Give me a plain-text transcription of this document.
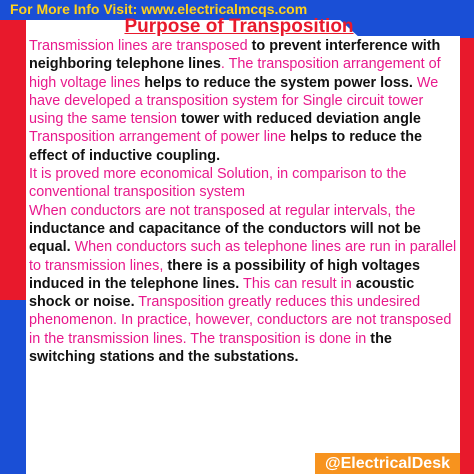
For More Info Visit: www.electricalmcqs.com
Purpose of Transposition

Transmission lines are transposed to prevent interference with neighboring telephone lines. The transposition arrangement of high voltage lines helps to reduce the system power loss. We have developed a transposition system for Single circuit tower using the same tension tower with reduced deviation angle
Transposition arrangement of power line helps to reduce the effect of inductive coupling.
It is proved more economical Solution, in comparison to the conventional transposition system
When conductors are not transposed at regular intervals, the inductance and capacitance of the conductors will not be equal. When conductors such as telephone lines are run in parallel to transmission lines, there is a possibility of high voltages induced in the telephone lines. This can result in acoustic shock or noise. Transposition greatly reduces this undesired phenomenon. In practice, however, conductors are not transposed in the transmission lines. The transposition is done in the switching stations and the substations.

@ElectricalDesk
